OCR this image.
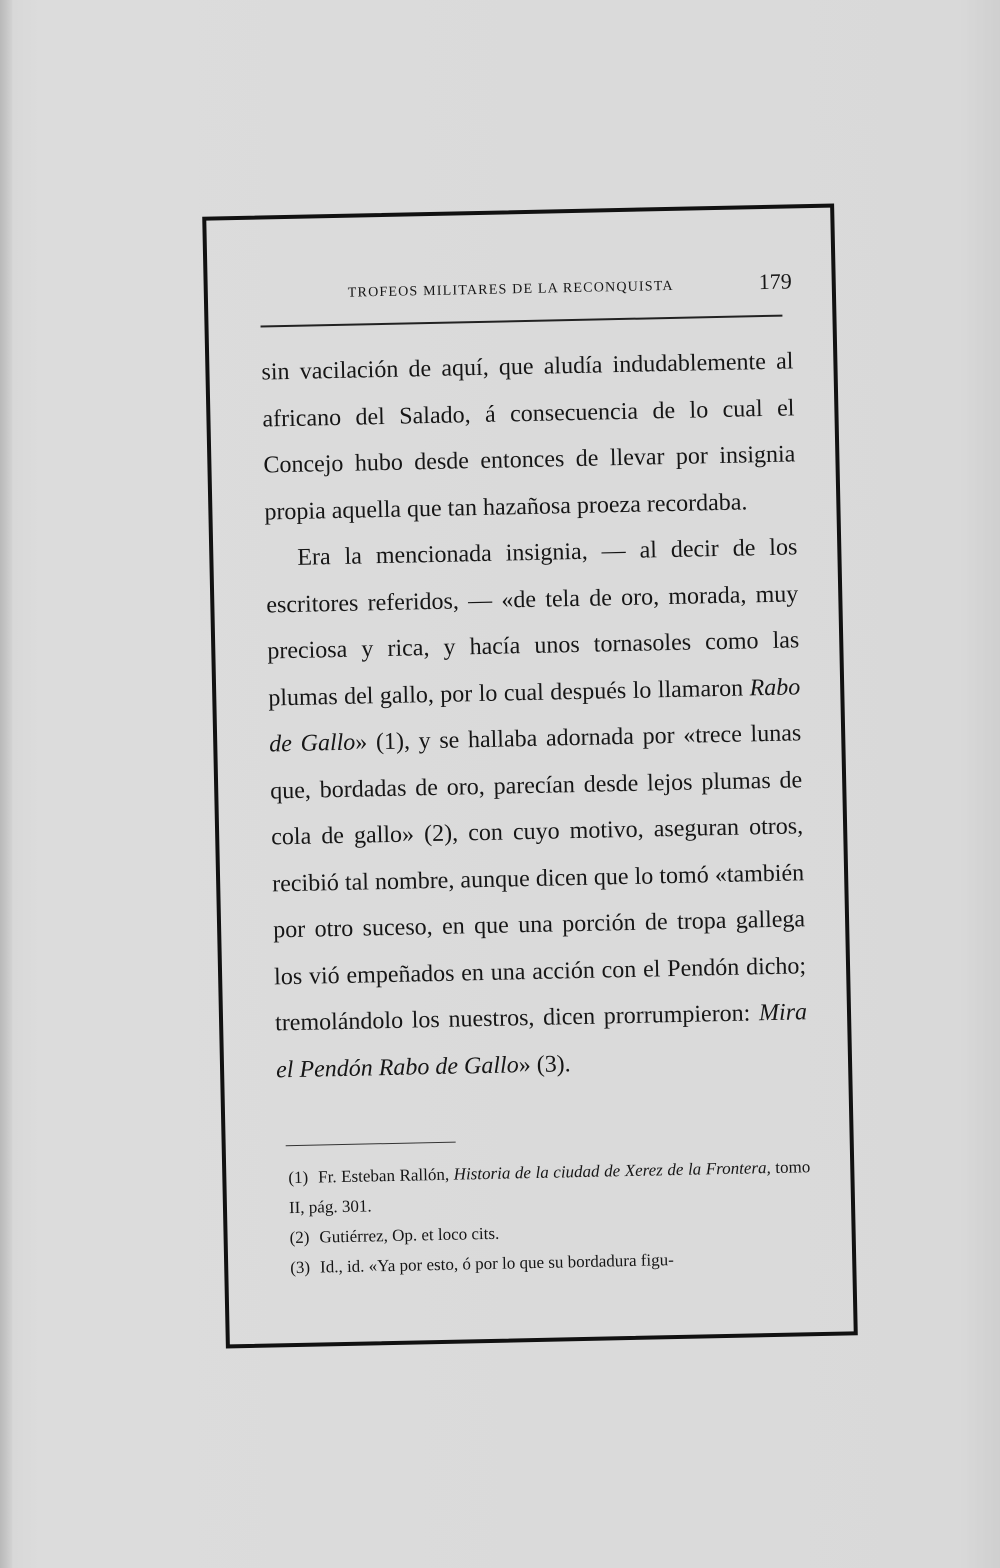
TROFEOS MILITARES DE LA RECONQUISTA	179

sin vacilación de aquí, que aludía indudablemente al africano del Salado, á consecuencia de lo cual el Concejo hubo desde entonces de llevar por insignia propia aquella que tan hazañosa proeza recordaba.

Era la mencionada insignia, — al decir de los escritores referidos, — «de tela de oro, morada, muy preciosa y rica, y hacía unos tornasoles como las plumas del gallo, por lo cual después lo llamaron Rabo de Gallo» (1), y se hallaba adornada por «trece lunas que, bordadas de oro, parecían desde lejos plumas de cola de gallo» (2), con cuyo motivo, aseguran otros, recibió tal nombre, aunque dicen que lo tomó «también por otro suceso, en que una porción de tropa gallega los vió empeñados en una acción con el Pendón dicho; tremolándolo los nuestros, dicen prorrumpieron: Mira el Pendón Rabo de Gallo» (3).

(1) Fr. Esteban Rallón, Historia de la ciudad de Xerez de la Frontera, tomo II, pág. 301.

(2) Gutiérrez, Op. et loco cits.

(3) Id., id. «Ya por esto, ó por lo que su bordadura figu-
